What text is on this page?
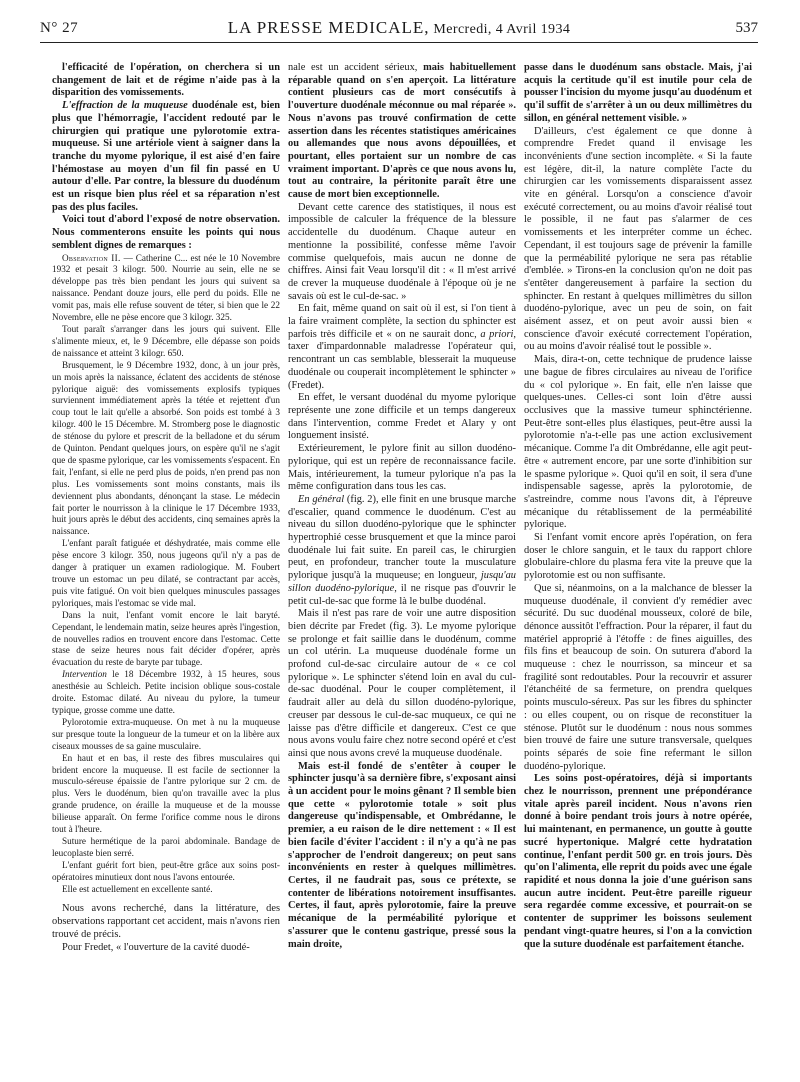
N° 27	LA PRESSE MEDICALE, Mercredi, 4 Avril 1934	537

l'efficacité de l'opération, on cherchera si un changement de lait et de régime n'aide pas à la disparition des vomissements.

L'effraction de la muqueuse duodénale est, bien plus que l'hémorragie, l'accident redouté par le chirurgien qui pratique une pylorotomie extra-muqueuse. Si une artériole vient à saigner dans la tranche du myome pylorique, il est aisé d'en faire l'hémostase au moyen d'un fil fin passé en U autour d'elle. Par contre, la blessure du duodénum est un risque bien plus réel et sa réparation n'est pas des plus faciles.

Voici tout d'abord l'exposé de notre observation. Nous commenterons ensuite les points qui nous semblent dignes de remarques :

Observation II. — Catherine C... est née le 10 Novembre 1932 et pesait 3 kilogr. 500. Nourrie au sein, elle ne se développe pas très bien pendant les jours qui suivent sa naissance. Pendant douze jours, elle perd du poids. Elle ne vomit pas, mais elle refuse souvent de téter, si bien que le 22 Novembre, elle ne pèse encore que 3 kilogr. 325.

Tout paraît s'arranger dans les jours qui suivent. Elle s'alimente mieux, et, le 9 Décembre, elle dépasse son poids de naissance et atteint 3 kilogr. 650.

Brusquement, le 9 Décembre 1932, donc, à un jour près, un mois après la naissance, éclatent des accidents de sténose pylorique aiguë: des vomissements explosifs typiques surviennent immédiatement après la tétée et rejettent d'un coup tout le lait qu'elle a absorbé. Son poids est tombé à 3 kilogr. 400 le 15 Décembre. M. Stromberg pose le diagnostic de sténose du pylore et prescrit de la belladone et du sérum de Quinton. Pendant quelques jours, on espère qu'il ne s'agit que de spasme pylorique, car les vomissements s'espacent. En fait, l'enfant, si elle ne perd plus de poids, n'en prend pas non plus. Les vomissements sont moins constants, mais ils deviennent plus abondants, dénonçant la stase. Le médecin fait porter le nourrisson à la clinique le 17 Décembre 1933, huit jours après le début des accidents, cinq semaines après la naissance.

L'enfant paraît fatiguée et déshydratée, mais comme elle pèse encore 3 kilogr. 350, nous jugeons qu'il n'y a pas de danger à pratiquer un examen radiologique. M. Foubert trouve un estomac un peu dilaté, se contractant par accès, puis vite fatigué. On voit bien quelques minuscules passages pyloriques, mais l'estomac se vide mal.

Dans la nuit, l'enfant vomit encore le lait baryté. Cependant, le lendemain matin, seize heures après l'ingestion, de nouvelles radios en trouvent encore dans l'estomac. Cette stase de seize heures nous fait décider d'opérer, après évacuation du reste de baryte par tubage.

Intervention le 18 Décembre 1932, à 15 heures, sous anesthésie au Schleich. Petite incision oblique sous-costale droite. Estomac dilaté. Au niveau du pylore, la tumeur typique, grosse comme une datte.

Pylorotomie extra-muqueuse. On met à nu la muqueuse sur presque toute la longueur de la tumeur et on la libère aux ciseaux mousses de sa gaine musculaire.

En haut et en bas, il reste des fibres musculaires qui brident encore la muqueuse. Il est facile de sectionner la musculo-séreuse épaissie de l'antre pylorique sur 2 cm. de plus. Vers le duodénum, bien qu'on travaille avec la plus grande prudence, on éraille la muqueuse et de la mousse bilieuse apparaît. On ferme l'orifice comme nous le dirons tout à l'heure.

Suture hermétique de la paroi abdominale. Bandage de leucoplaste bien serré.

L'enfant guérit fort bien, peut-être grâce aux soins post-opératoires minutieux dont nous l'avons entourée.

Elle est actuellement en excellente santé.

Nous avons recherché, dans la littérature, des observations rapportant cet accident, mais n'avons rien trouvé de précis.

Pour Fredet, « l'ouverture de la cavité duodé-

nale est un accident sérieux, mais habituellement réparable quand on s'en aperçoit. La littérature contient plusieurs cas de mort consécutifs à l'ouverture duodénale méconnue ou mal réparée ». Nous n'avons pas trouvé confirmation de cette assertion dans les récentes statistiques américaines ou allemandes que nous avons dépouillées, et pourtant, elles portaient sur un nombre de cas vraiment important. D'après ce que nous avons lu, tout au contraire, la péritonite paraît être une cause de mort bien exceptionnelle.

Devant cette carence des statistiques, il nous est impossible de calculer la fréquence de la blessure accidentelle du duodénum. Chaque auteur en mentionne la possibilité, confesse même l'avoir commise quelquefois, mais aucun ne donne de chiffres. Ainsi fait Veau lorsqu'il dit : « Il m'est arrivé de crever la muqueuse duodénale à l'époque où je ne savais où est le cul-de-sac. »

En fait, même quand on sait où il est, si l'on tient à la faire vraiment complète, la section du sphincter est parfois très difficile et « on ne saurait donc, a priori, taxer d'impardonnable maladresse l'opérateur qui, rencontrant un cas semblable, blesserait la muqueuse duodénale ou couperait incomplètement le sphincter » (Fredet).

En effet, le versant duodénal du myome pylorique représente une zone difficile et un temps dangereux dans l'intervention, comme Fredet et Alary y ont longuement insisté.

Extérieurement, le pylore finit au sillon duodéno-pylorique, qui est un repère de reconnaissance facile. Mais, intérieurement, la tumeur pylorique n'a pas la même configuration dans tous les cas.

En général (fig. 2), elle finit en une brusque marche d'escalier, quand commence le duodénum. C'est au niveau du sillon duodéno-pylorique que le sphincter hypertrophié cesse brusquement et que la mince paroi duodénale lui fait suite. En pareil cas, le chirurgien peut, en profondeur, trancher toute la musculature pylorique jusqu'à la muqueuse; en longueur, jusqu'au sillon duodéno-pylorique, il ne risque pas d'ouvrir le petit cul-de-sac que forme là le bulbe duodénal.

Mais il n'est pas rare de voir une autre disposition bien décrite par Fredet (fig. 3). Le myome pylorique se prolonge et fait saillie dans le duodénum, comme un col utérin. La muqueuse duodénale forme un profond cul-de-sac circulaire autour de « ce col pylorique ». Le sphincter s'étend loin en aval du cul-de-sac duodénal. Pour le couper complètement, il faudrait aller au delà du sillon duodéno-pylorique, creuser par dessous le cul-de-sac muqueux, ce qui ne laisse pas d'être difficile et dangereux. C'est ce que nous avons voulu faire chez notre second opéré et c'est ainsi que nous avons crevé la muqueuse duodénale.

Mais est-il fondé de s'entêter à couper le sphincter jusqu'à sa dernière fibre, s'exposant ainsi à un accident pour le moins gênant ? Il semble bien que cette « pylorotomie totale » soit plus dangereuse qu'indispensable, et Ombrédanne, le premier, a eu raison de le dire nettement : « Il est bien facile d'éviter l'accident : il n'y a qu'à ne pas s'approcher de l'endroit dangereux; on peut sans inconvénients en rester à quelques millimètres. Certes, il ne faudrait pas, sous ce prétexte, se contenter de libérations notoirement insuffisantes. Certes, il faut, après pylorotomie, faire la preuve mécanique de la perméabilité pylorique et s'assurer que le contenu gastrique, pressé sous la main droite,

passe dans le duodénum sans obstacle. Mais, j'ai acquis la certitude qu'il est inutile pour cela de pousser l'incision du myome jusqu'au duodénum et qu'il suffit de s'arrêter à un ou deux millimètres du sillon, en général nettement visible. »

D'ailleurs, c'est également ce que donne à comprendre Fredet quand il envisage les inconvénients d'une section incomplète. « Si la faute est légère, dit-il, la nature complète l'acte du chirurgien car les vomissements disparaissent assez vite en général. Lorsqu'on a conscience d'avoir exécuté correctement, ou au moins d'avoir réalisé tout le possible, il ne faut pas s'alarmer de ces vomissements et les interpréter comme un échec. Cependant, il est toujours sage de prévenir la famille que la perméabilité pylorique ne sera pas rétablie d'emblée. » Tirons-en la conclusion qu'on ne doit pas s'entêter dangereusement à parfaire la section du sphincter. En restant à quelques millimètres du sillon duodéno-pylorique, avec un peu de soin, on fait aisément assez, et on peut avoir aussi bien « conscience d'avoir exécuté correctement l'opération, ou au moins d'avoir réalisé tout le possible ».

Mais, dira-t-on, cette technique de prudence laisse une bague de fibres circulaires au niveau de l'orifice du « col pylorique ». En fait, elle n'en laisse que quelques-unes. Celles-ci sont loin d'être aussi occlusives que la massive tumeur sphinctérienne. Peut-être sont-elles plus élastiques, peut-être aussi la pylorotomie n'a-t-elle pas une action exclusivement mécanique. Comme l'a dit Ombrédanne, elle agit peut-être « autrement encore, par une sorte d'inhibition sur le spasme pylorique ». Quoi qu'il en soit, il sera d'une indispensable sagesse, après la pylorotomie, de s'astreindre, comme nous l'avons dit, à l'épreuve mécanique du rétablissement de la perméabilité pylorique.

Si l'enfant vomit encore après l'opération, on fera doser le chlore sanguin, et le taux du rapport chlore globulaire-chlore du plasma fera vite la preuve que la pylorotomie est ou non suffisante.

Que si, néanmoins, on a la malchance de blesser la muqueuse duodénale, il convient d'y remédier avec sécurité. Du suc duodénal mousseux, coloré de bile, dénonce aussitôt l'effraction. Pour la réparer, il faut du matériel approprié à l'étoffe : de fines aiguilles, des fils fins et beaucoup de soin. On suturera d'abord la muqueuse : chez le nourrisson, sa minceur et sa fragilité sont redoutables. Pour la recouvrir et assurer l'étanchéité de sa fermeture, on prendra quelques points musculo-séreux. Pas sur les fibres du sphincter : ou elles coupent, ou on risque de reconstituer la sténose. Plutôt sur le duodénum : nous nous sommes bien trouvé de faire une suture transversale, quelques points séparés de soie fine refermant le sillon duodéno-pylorique.

Les soins post-opératoires, déjà si importants chez le nourrisson, prennent une prépondérance vitale après pareil incident. Nous n'avons rien donné à boire pendant trois jours à notre opérée, lui maintenant, en permanence, un goutte à goutte sucré hypertonique. Malgré cette hydratation continue, l'enfant perdit 500 gr. en trois jours. Dès qu'on l'alimenta, elle reprit du poids avec une égale rapidité et nous donna la joie d'une guérison sans aucun autre incident. Peut-être pareille rigueur sera regardée comme excessive, et pourrait-on se contenter de supprimer les boissons seulement pendant vingt-quatre heures, si l'on a la conviction que la suture duodénale est parfaitement étanche.
